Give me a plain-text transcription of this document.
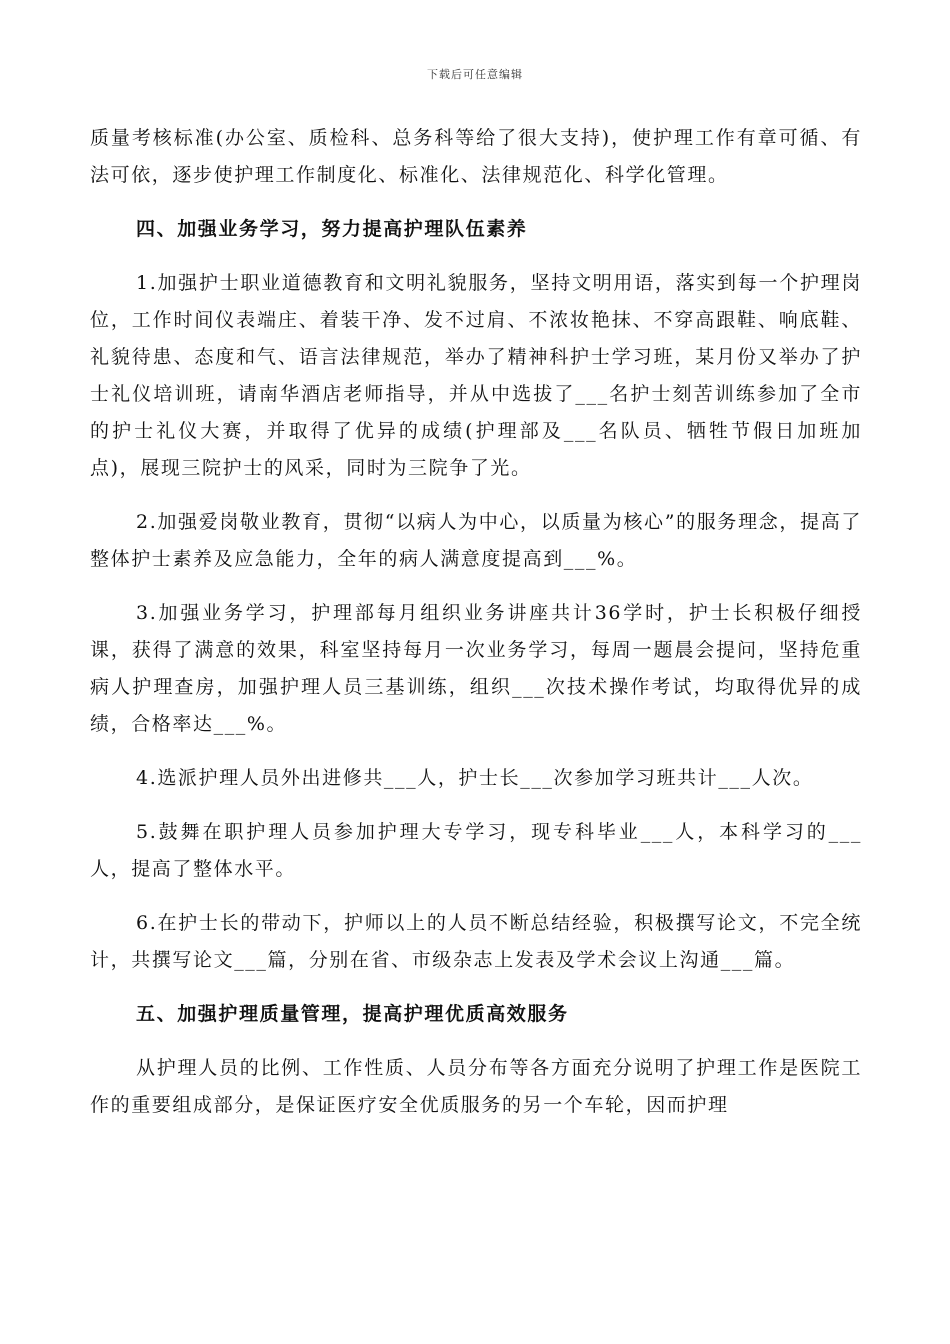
下载后可任意编辑

质量考核标准(办公室、质检科、总务科等给了很大支持)，使护理工作有章可循、有法可依，逐步使护理工作制度化、标准化、法律规范化、科学化管理。

四、加强业务学习，努力提高护理队伍素养

1.加强护士职业道德教育和文明礼貌服务，坚持文明用语，落实到每一个护理岗位，工作时间仪表端庄、着装干净、发不过肩、不浓妆艳抹、不穿高跟鞋、响底鞋、礼貌待患、态度和气、语言法律规范，举办了精神科护士学习班，某月份又举办了护士礼仪培训班，请南华酒店老师指导，并从中选拔了___名护士刻苦训练参加了全市的护士礼仪大赛，并取得了优异的成绩(护理部及___名队员、牺牲节假日加班加点)，展现三院护士的风采，同时为三院争了光。

2.加强爱岗敬业教育，贯彻“以病人为中心，以质量为核心”的服务理念，提高了整体护士素养及应急能力，全年的病人满意度提高到___%。

3.加强业务学习，护理部每月组织业务讲座共计36学时，护士长积极仔细授课，获得了满意的效果，科室坚持每月一次业务学习，每周一题晨会提问，坚持危重病人护理查房，加强护理人员三基训练，组织___次技术操作考试，均取得优异的成绩，合格率达___%。

4.选派护理人员外出进修共___人，护士长___次参加学习班共计___人次。

5.鼓舞在职护理人员参加护理大专学习，现专科毕业___人，本科学习的___人，提高了整体水平。

6.在护士长的带动下，护师以上的人员不断总结经验，积极撰写论文，不完全统计，共撰写论文___篇，分别在省、市级杂志上发表及学术会议上沟通___篇。

五、加强护理质量管理，提高护理优质高效服务

从护理人员的比例、工作性质、人员分布等各方面充分说明了护理工作是医院工作的重要组成部分，是保证医疗安全优质服务的另一个车轮，因而护理
